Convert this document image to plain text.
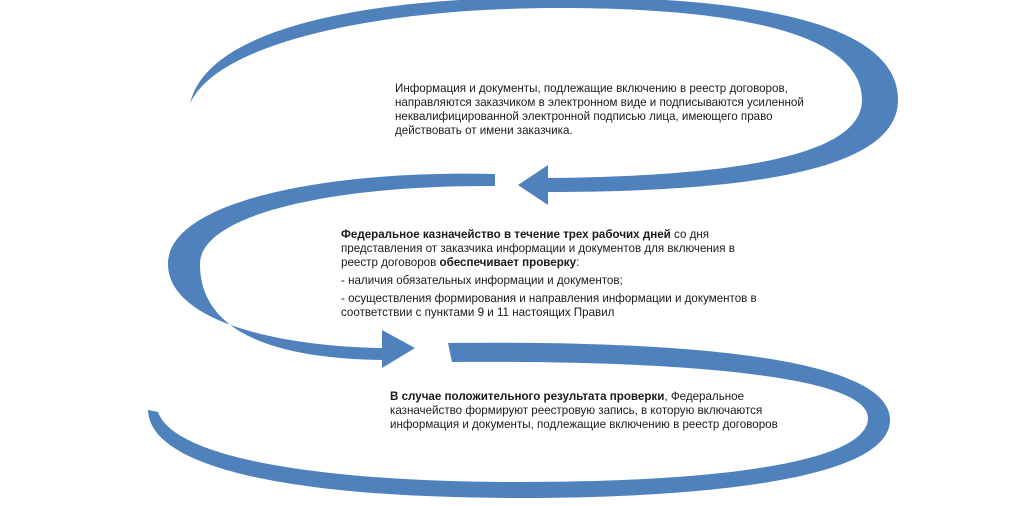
Информация и документы, подлежащие включению в реестр договоров, направляются заказчиком в электронном виде и подписываются усиленной неквалифицированной электронной подписью лица, имеющего право действовать от имени заказчика.

Федеральное казначейство в течение трех рабочих дней со дня представления от заказчика информации и документов для включения в реестр договоров обеспечивает проверку:

- наличия обязательных информации и документов;

- осуществления формирования и направления информации и документов в соответствии с пунктами 9 и 11 настоящих Правил

В случае положительного результата проверки, Федеральное казначейство формируют реестровую запись, в которую включаются информация и документы, подлежащие включению в реестр договоров
